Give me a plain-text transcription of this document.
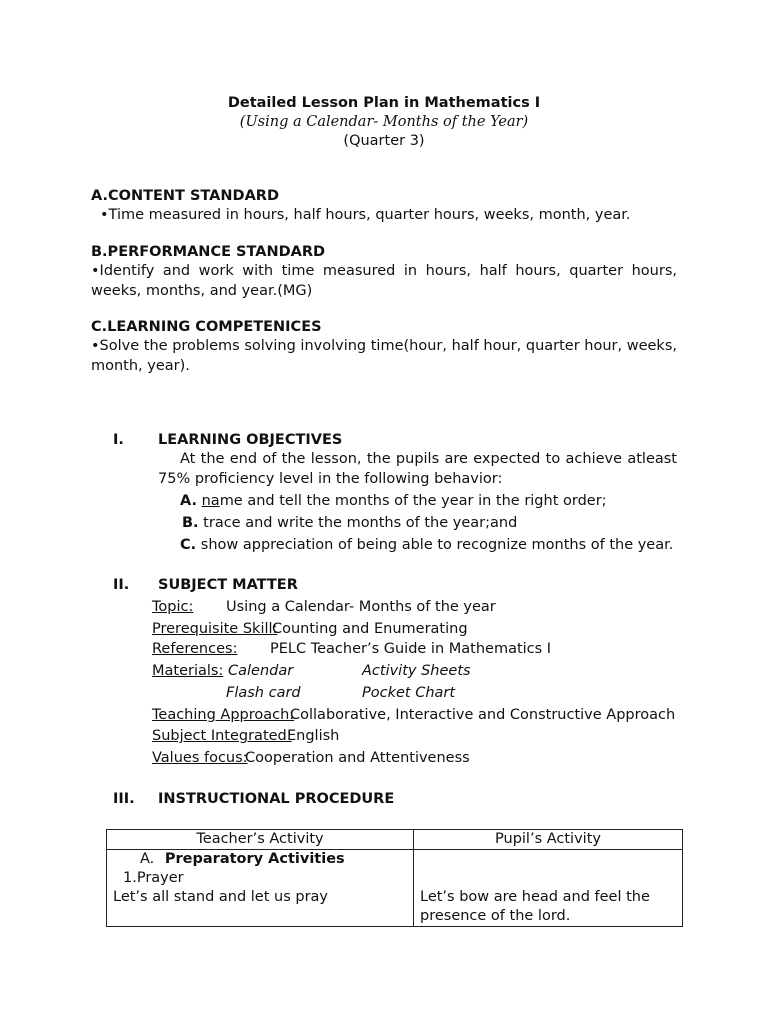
Detailed Lesson Plan in Mathematics I
(Using a Calendar- Months of the Year)
(Quarter 3)
A.CONTENT STANDARD
•Time measured in hours, half hours, quarter hours, weeks, month, year.
B.PERFORMANCE STANDARD
•Identify and work with time measured in hours, half hours, quarter hours, weeks, months, and year.(MG)
C.LEARNING COMPETENICES
•Solve the problems solving involving time(hour, half hour, quarter hour, weeks, month, year).
I. LEARNING OBJECTIVES
At the end of the lesson, the pupils are expected to achieve atleast 75% proficiency level in the following behavior:
A. name and tell the months of the year in the right order;
B. trace and write the months of the year;and
C. show appreciation of being able to recognize months of the year.
II. SUBJECT MATTER
Topic: Using a Calendar- Months of the year
Prerequisite Skill:
Counting and Enumerating
References: PELC Teacher’s Guide in Mathematics I
Materials: Calendar	Activity Sheets
Flash card	Pocket Chart
Teaching Approach:
Collaborative, Interactive and Constructive Approach
Subject Integrated:
English
Values focus:
Cooperation and Attentiveness
III. INSTRUCTIONAL PROCEDURE
Teacher’s Activity	Pupil’s Activity

A. Preparatory Activities
1.Prayer
Let’s all stand and let us pray	Let’s bow are head and feel the presence of the lord.
